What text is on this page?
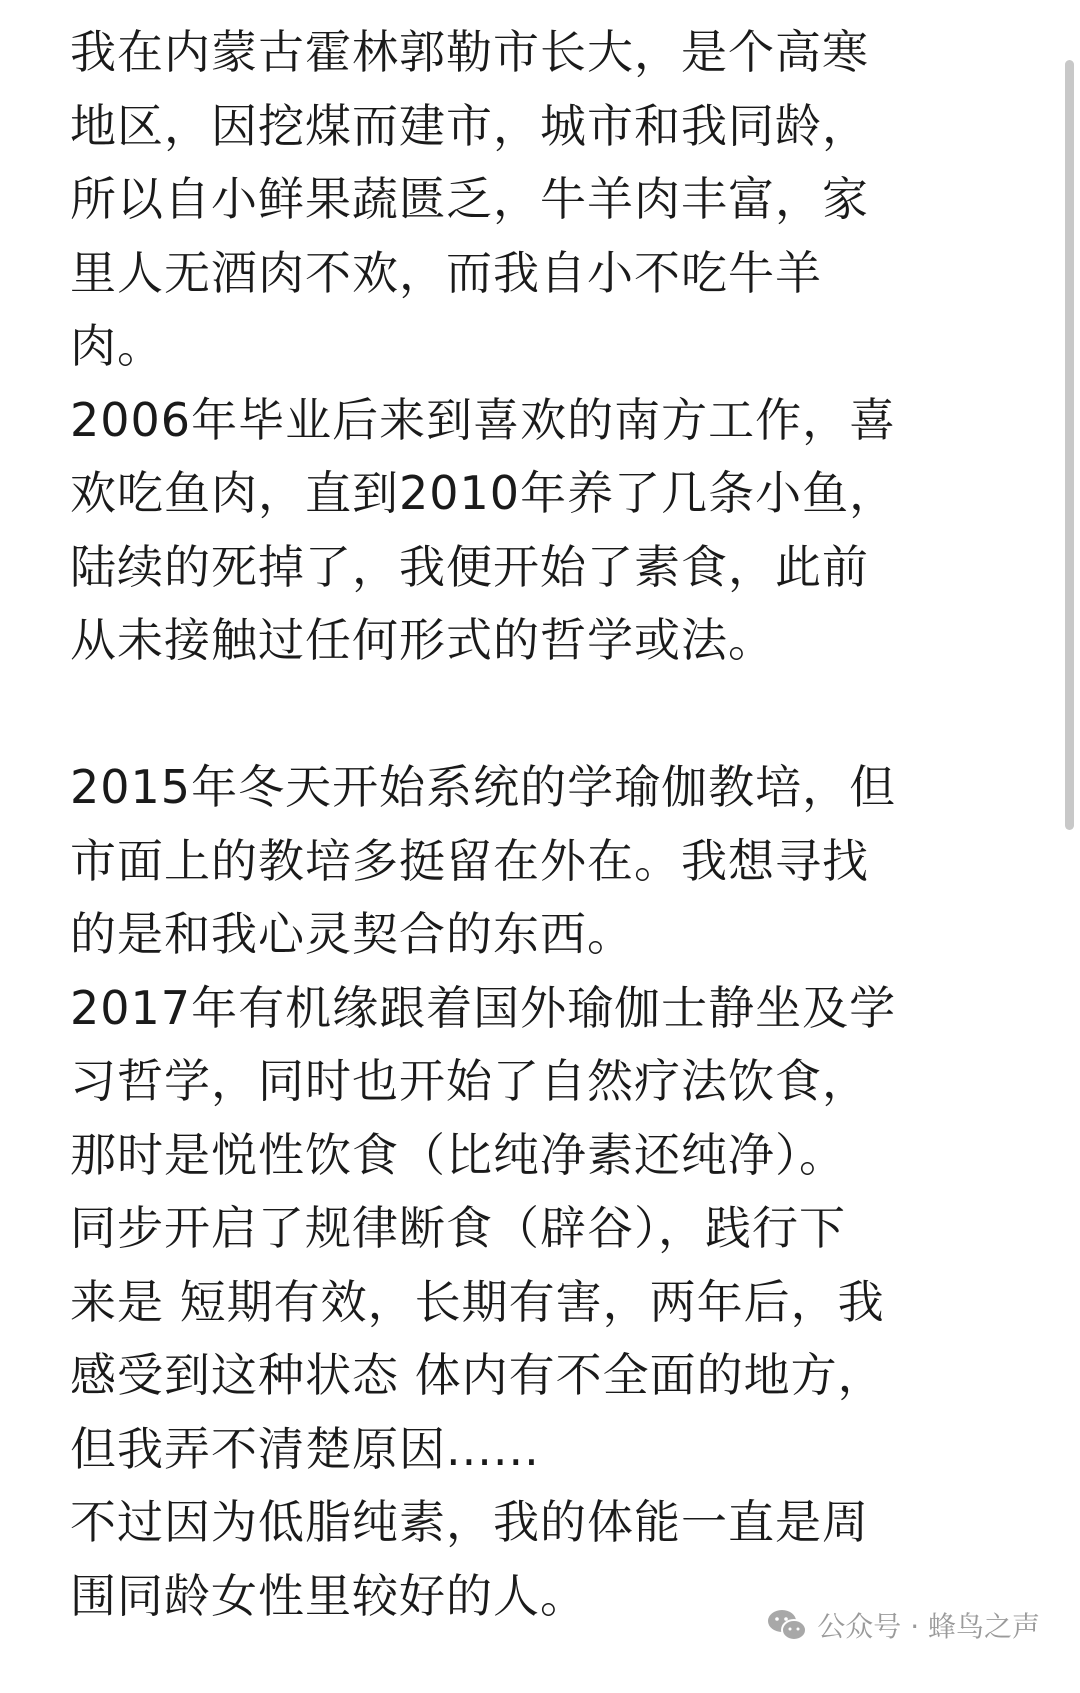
我在内蒙古霍林郭勒市长大，是个高寒
地区，因挖煤而建市，城市和我同龄，
所以自小鲜果蔬匮乏，牛羊肉丰富，家
里人无酒肉不欢，而我自小不吃牛羊
肉。

2006年毕业后来到喜欢的南方工作，喜
欢吃鱼肉，直到2010年养了几条小鱼，
陆续的死掉了，我便开始了素食，此前
从未接触过任何形式的哲学或法。

2015年冬天开始系统的学瑜伽教培，但
市面上的教培多挺留在外在。我想寻找
的是和我心灵契合的东西。

2017年有机缘跟着国外瑜伽士静坐及学
习哲学，同时也开始了自然疗法饮食，
那时是悦性饮食（比纯净素还纯净）。
同步开启了规律断食（辟谷），践行下
来是 短期有效，长期有害，两年后，我
感受到这种状态 体内有不全面的地方，
但我弄不清楚原因......

不过因为低脂纯素，我的体能一直是周
围同龄女性里较好的人。

公众号 · 蜂鸟之声
